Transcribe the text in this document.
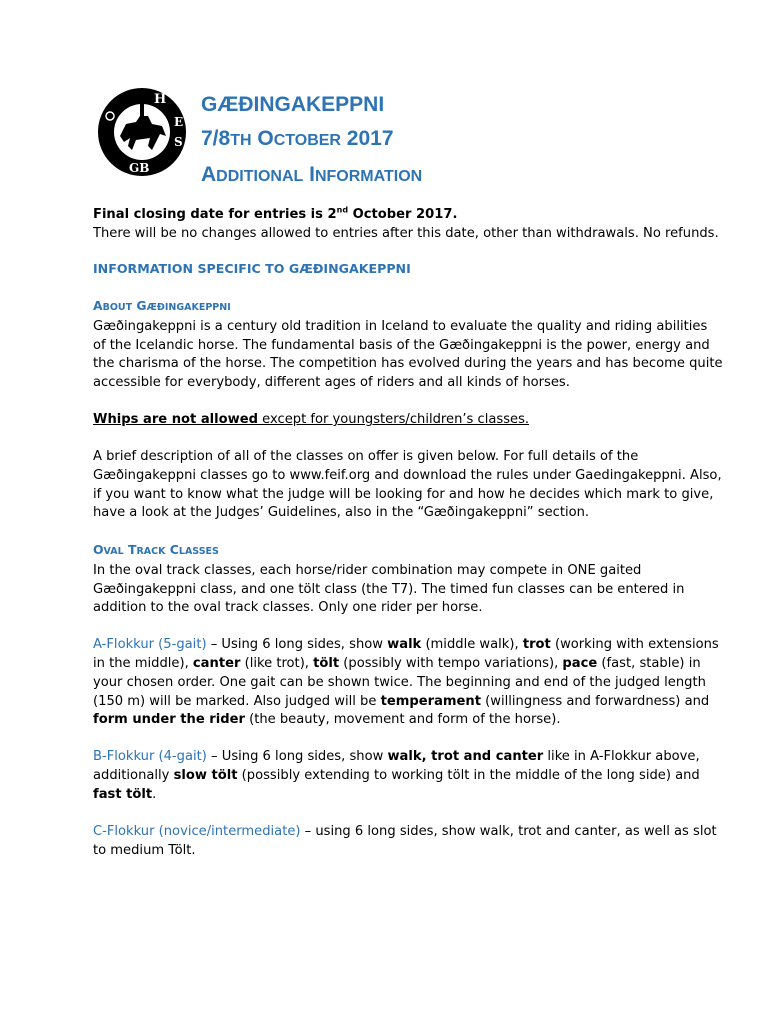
H
E
S
GB
GÆÐINGAKEPPNI
7/8TH OCTOBER 2017
ADDITIONAL INFORMATION

Final closing date for entries is 2nd October 2017.

There will be no changes allowed to entries after this date, other than withdrawals. No refunds.

INFORMATION SPECIFIC TO GÆÐINGAKEPPNI

ABOUT GÆÐINGAKEPPNI

Gæðingakeppni is a century old tradition in Iceland to evaluate the quality and riding abilities of the Icelandic horse. The fundamental basis of the Gæðingakeppni is the power, energy and the charisma of the horse. The competition has evolved during the years and has become quite accessible for everybody, different ages of riders and all kinds of horses.

Whips are not allowed except for youngsters/children’s classes.

A brief description of all of the classes on offer is given below. For full details of the Gæðingakeppni classes go to www.feif.org and download the rules under Gaedingakeppni. Also, if you want to know what the judge will be looking for and how he decides which mark to give, have a look at the Judges’ Guidelines, also in the “Gæðingakeppni” section.

OVAL TRACK CLASSES

In the oval track classes, each horse/rider combination may compete in ONE gaited Gæðingakeppni class, and one tölt class (the T7). The timed fun classes can be entered in addition to the oval track classes. Only one rider per horse.

A-Flokkur (5-gait) – Using 6 long sides, show walk (middle walk), trot (working with extensions in the middle), canter (like trot), tölt (possibly with tempo variations), pace (fast, stable) in your chosen order. One gait can be shown twice. The beginning and end of the judged length (150 m) will be marked. Also judged will be temperament (willingness and forwardness) and form under the rider (the beauty, movement and form of the horse).

B-Flokkur (4-gait) – Using 6 long sides, show walk, trot and canter like in A-Flokkur above, additionally slow tölt (possibly extending to working tölt in the middle of the long side) and fast tölt.

C-Flokkur (novice/intermediate) – using 6 long sides, show walk, trot and canter, as well as slot to medium Tölt.
